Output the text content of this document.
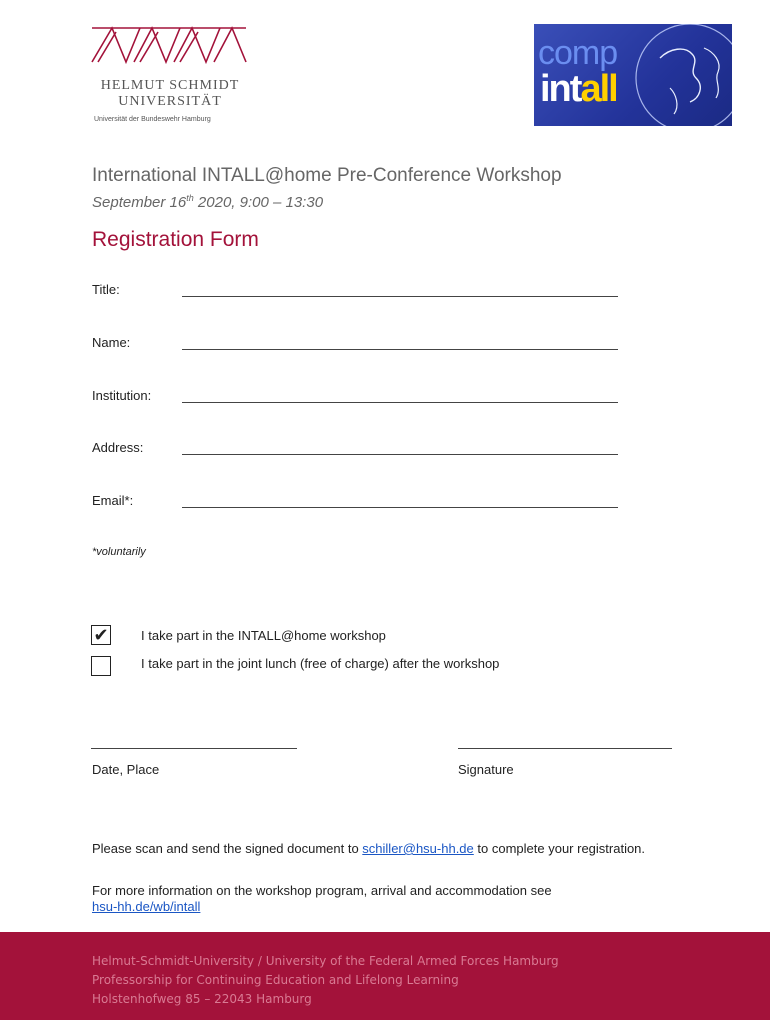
HELMUT SCHMIDT
UNIVERSITÄT
Universität der Bundeswehr Hamburg
comp
intall
International INTALL@home Pre-Conference Workshop
September 16th 2020, 9:00 – 13:30
Registration Form
Title:
Name:
Institution:
Address:
Email*:
*voluntarily
✔ I take part in the INTALL@home workshop
I take part in the joint lunch (free of charge) after the workshop
Date, Place	Signature
Please scan and send the signed document to schiller@hsu-hh.de to complete your registration.
For more information on the workshop program, arrival and accommodation see
hsu-hh.de/wb/intall
Helmut-Schmidt-University / University of the Federal Armed Forces Hamburg
Professorship for Continuing Education and Lifelong Learning
Holstenhofweg 85 – 22043 Hamburg
